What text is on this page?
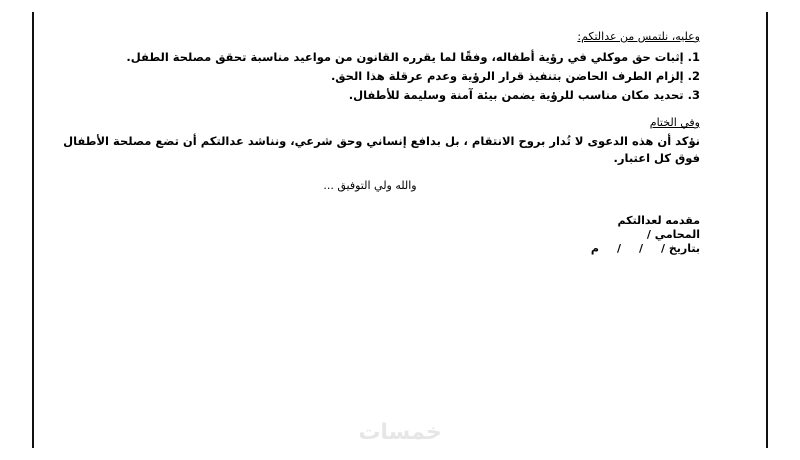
وعليه، نلتمس من عدالتكم:

1.إثبات حق موكلي في رؤية أطفاله، وفقًا لما يقرره القانون من مواعيد مناسبة تحقق مصلحة الطفل.
2.إلزام الطرف الحاضن بتنفيذ قرار الرؤية وعدم عرقلة هذا الحق.
3.تحديد مكان مناسب للرؤية يضمن بيئة آمنة وسليمة للأطفال.

وفي الختام

نؤكد أن هذه الدعوى لا تُدار بروح الانتقام ، بل بدافع إنساني وحق شرعي، ونناشد عدالتكم أن تضع مصلحة الأطفال فوق كل اعتبار.

والله ولي التوفيق ...

مقدمه لعدالتكم

المحامي /

بتاريخ /
/
/
م

خمسات
